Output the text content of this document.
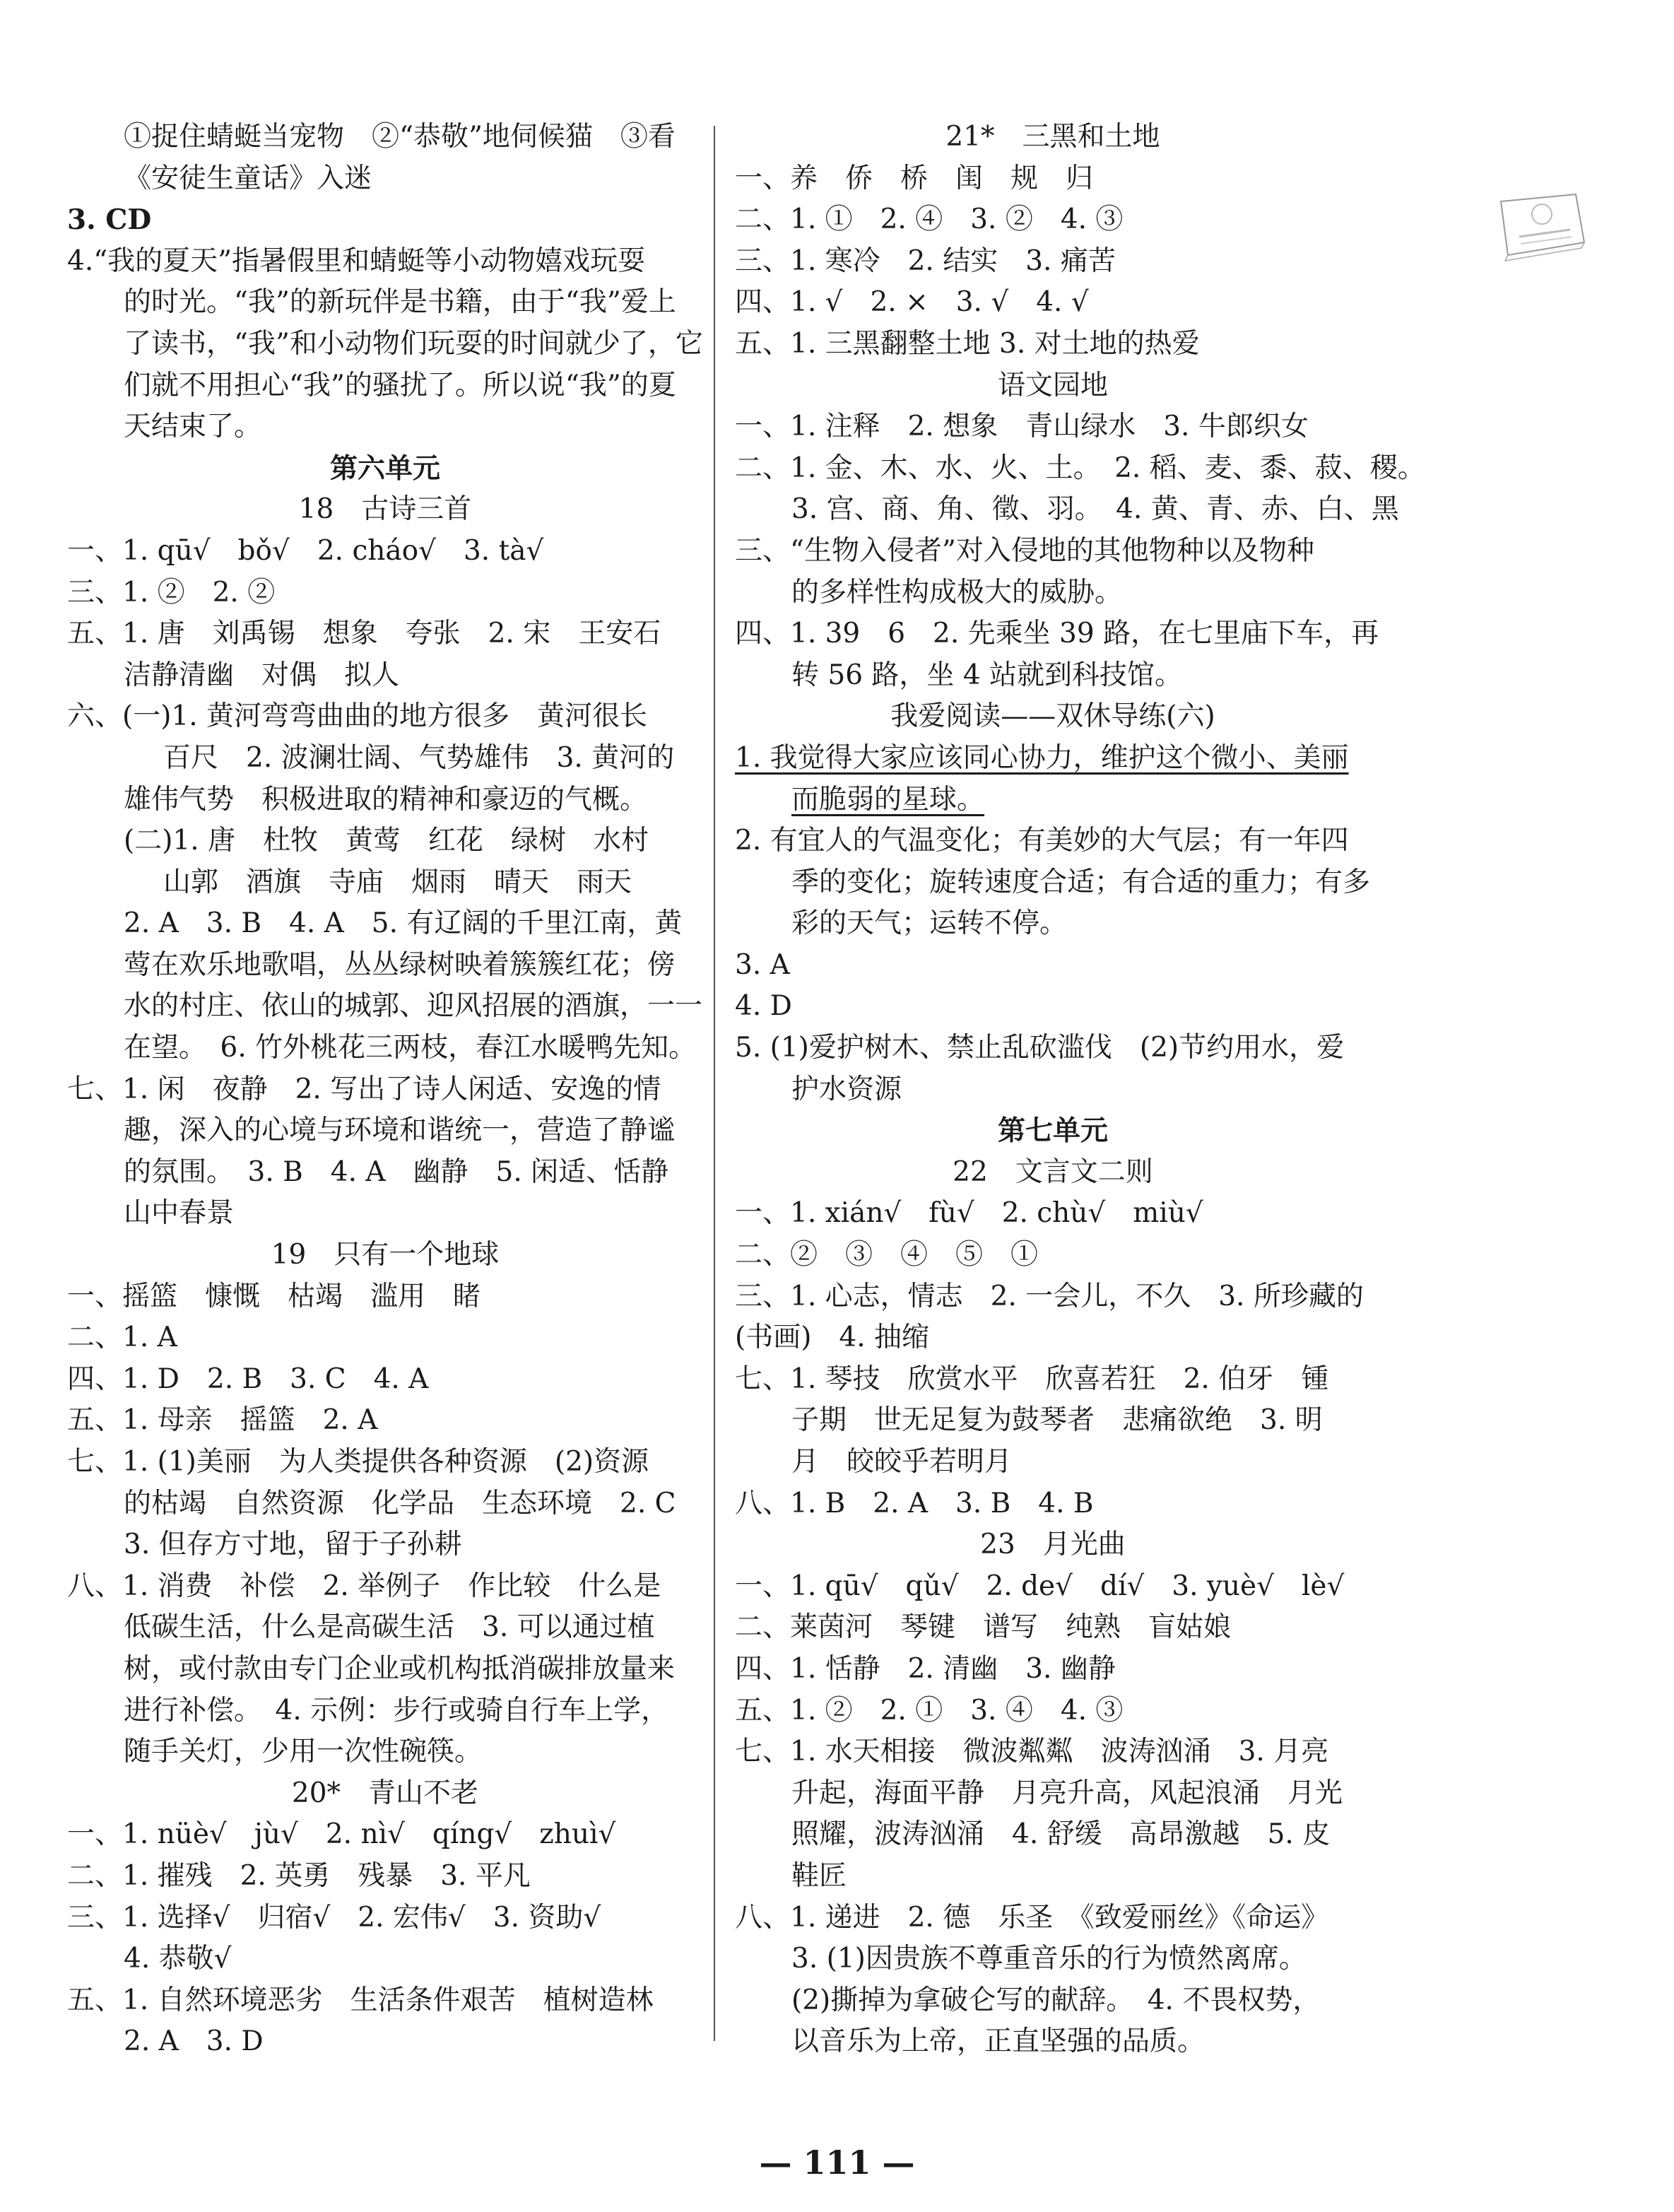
①捉住蜻蜓当宠物　②“恭敬”地伺候猫　③看
《安徒生童话》入迷
3. CD
4.“我的夏天”指暑假里和蜻蜓等小动物嬉戏玩耍
的时光。“我”的新玩伴是书籍，由于“我”爱上
了读书，“我”和小动物们玩耍的时间就少了，它
们就不用担心“我”的骚扰了。所以说“我”的夏
天结束了。
第六单元
18　古诗三首
一、1. qū√　bǒ√　2. cháo√　3. tà√
三、1. ②　2. ②
五、1. 唐　刘禹锡　想象　夸张　2. 宋　王安石
洁静清幽　对偶　拟人
六、(一)1. 黄河弯弯曲曲的地方很多　黄河很长
百尺　2. 波澜壮阔、气势雄伟　3. 黄河的
雄伟气势　积极进取的精神和豪迈的气概。
(二)1. 唐　杜牧　黄莺　红花　绿树　水村
山郭　酒旗　寺庙　烟雨　晴天　雨天
2. A　3. B　4. A　5. 有辽阔的千里江南，黄
莺在欢乐地歌唱，丛丛绿树映着簇簇红花；傍
水的村庄、依山的城郭、迎风招展的酒旗，一一
在望。　6. 竹外桃花三两枝，春江水暖鸭先知。
七、1. 闲　夜静　2. 写出了诗人闲适、安逸的情
趣，深入的心境与环境和谐统一，营造了静谧
的氛围。　3. B　4. A　幽静　5. 闲适、恬静
山中春景
19　只有一个地球
一、摇篮　慷慨　枯竭　滥用　睹
二、1. A
四、1. D　2. B　3. C　4. A
五、1. 母亲　摇篮　2. A
七、1. (1)美丽　为人类提供各种资源　(2)资源
的枯竭　自然资源　化学品　生态环境　2. C
3. 但存方寸地，留于子孙耕
八、1. 消费　补偿　2. 举例子　作比较　什么是
低碳生活，什么是高碳生活　3. 可以通过植
树，或付款由专门企业或机构抵消碳排放量来
进行补偿。　4. 示例：步行或骑自行车上学，
随手关灯，少用一次性碗筷。
20*　青山不老
一、1. nüè√　jù√　2. nì√　qíng√　zhuì√
二、1. 摧残　2. 英勇　残暴　3. 平凡
三、1. 选择√　归宿√　2. 宏伟√　3. 资助√
4. 恭敬√
五、1. 自然环境恶劣　生活条件艰苦　植树造林
2. A　3. D
21*　三黑和土地
一、养　侨　桥　闺　规　归
二、1. ①　2. ④　3. ②　4. ③
三、1. 寒冷　2. 结实　3. 痛苦
四、1. √　2. ×　3. √　4. √
五、1. 三黑翻整土地 3. 对土地的热爱
语文园地
一、1. 注释　2. 想象　青山绿水　3. 牛郎织女
二、1. 金、木、水、火、土。　2. 稻、麦、黍、菽、稷。
3. 宫、商、角、徵、羽。　4. 黄、青、赤、白、黑
三、“生物入侵者”对入侵地的其他物种以及物种
的多样性构成极大的威胁。
四、1. 39　6　2. 先乘坐 39 路，在七里庙下车，再
转 56 路，坐 4 站就到科技馆。
我爱阅读——双休导练(六)
1. 我觉得大家应该同心协力，维护这个微小、美丽
而脆弱的星球。
2. 有宜人的气温变化；有美妙的大气层；有一年四
季的变化；旋转速度合适；有合适的重力；有多
彩的天气；运转不停。
3. A
4. D
5. (1)爱护树木、禁止乱砍滥伐　(2)节约用水，爱
护水资源
第七单元
22　文言文二则
一、1. xián√　fù√　2. chù√　miù√
二、②　③　④　⑤　①
三、1. 心志，情志　2. 一会儿，不久　3. 所珍藏的
(书画)　4. 抽缩
七、1. 琴技　欣赏水平　欣喜若狂　2. 伯牙　锺
子期　世无足复为鼓琴者　悲痛欲绝　3. 明
月　皎皎乎若明月
八、1. B　2. A　3. B　4. B
23　月光曲
一、1. qū√　qǔ√　2. de√　dí√　3. yuè√　lè√
二、莱茵河　琴键　谱写　纯熟　盲姑娘
四、1. 恬静　2. 清幽　3. 幽静
五、1. ②　2. ①　3. ④　4. ③
七、1. 水天相接　微波粼粼　波涛汹涌　3. 月亮
升起，海面平静　月亮升高，风起浪涌　月光
照耀，波涛汹涌　4. 舒缓　高昂激越　5. 皮
鞋匠
八、1. 递进　2. 德　乐圣　《致爱丽丝》《命运》
3. (1)因贵族不尊重音乐的行为愤然离席。
(2)撕掉为拿破仑写的献辞。　4. 不畏权势，
以音乐为上帝，正直坚强的品质。
— 111 —
